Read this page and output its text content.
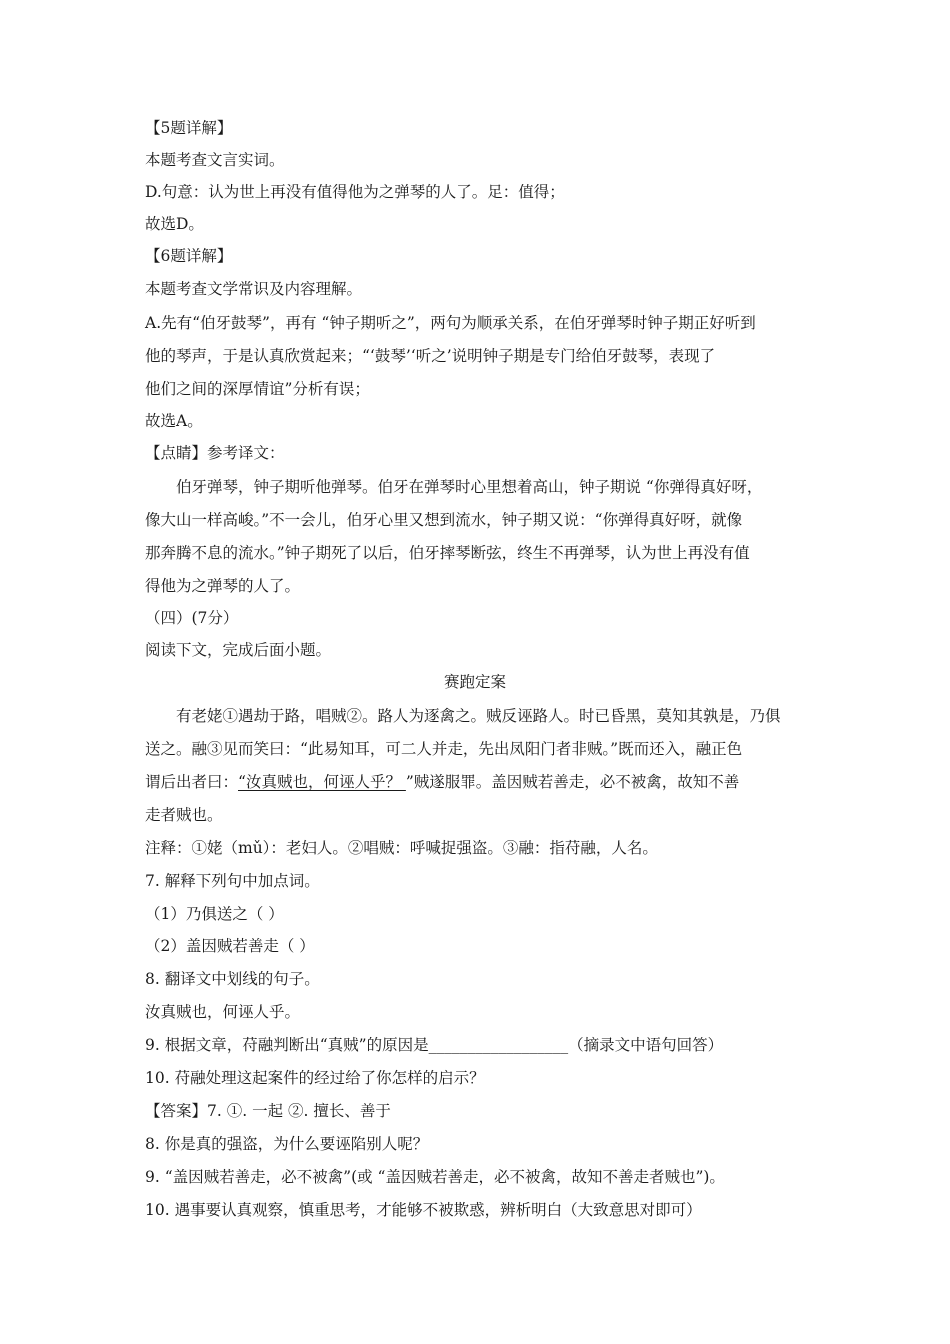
【5题详解】
本题考查文言实词。
D.句意：认为世上再没有值得他为之弹琴的人了。足：值得；
故选D。
【6题详解】
本题考查文学常识及内容理解。
A.先有“伯牙鼓琴”，再有 “钟子期听之”，两句为顺承关系，在伯牙弹琴时钟子期正好听到
他的琴声，于是认真欣赏起来；“‘鼓琴’‘听之’说明钟子期是专门给伯牙鼓琴，表现了
他们之间的深厚情谊”分析有误；
故选A。
【点睛】参考译文：
伯牙弹琴，钟子期听他弹琴。伯牙在弹琴时心里想着高山，钟子期说 “你弹得真好呀，
像大山一样高峻。”不一会儿，伯牙心里又想到流水，钟子期又说：“你弹得真好呀，就像
那奔腾不息的流水。”钟子期死了以后，伯牙摔琴断弦，终生不再弹琴，认为世上再没有值
得他为之弹琴的人了。
（四）(7分）
阅读下文，完成后面小题。
赛跑定案
有老姥①遇劫于路，唱贼②。路人为逐禽之。贼反诬路人。时已昏黑，莫知其孰是，乃俱
送之。融③见而笑曰：“此易知耳，可二人并走，先出凤阳门者非贼。”既而还入，融正色
谓后出者曰：“汝真贼也，何诬人乎？ ”贼遂服罪。盖因贼若善走，必不被禽，故知不善
走者贼也。
注释：①姥（mǔ）：老妇人。②唱贼：呼喊捉强盗。③融：指苻融，人名。
7. 解释下列句中加点词。
（1）乃俱送之（ ）
（2）盖因贼若善走（ ）
8. 翻译文中划线的句子。
汝真贼也，何诬人乎。
9. 根据文章，苻融判断出“真贼”的原因是__________________（摘录文中语句回答）
10. 苻融处理这起案件的经过给了你怎样的启示？
【答案】7. ①. 一起 ②. 擅长、善于
8. 你是真的强盗，为什么要诬陷别人呢？
9. “盖因贼若善走，必不被禽”(或 “盖因贼若善走，必不被禽，故知不善走者贼也”)。
10. 遇事要认真观察，慎重思考，才能够不被欺惑，辨析明白（大致意思对即可）
